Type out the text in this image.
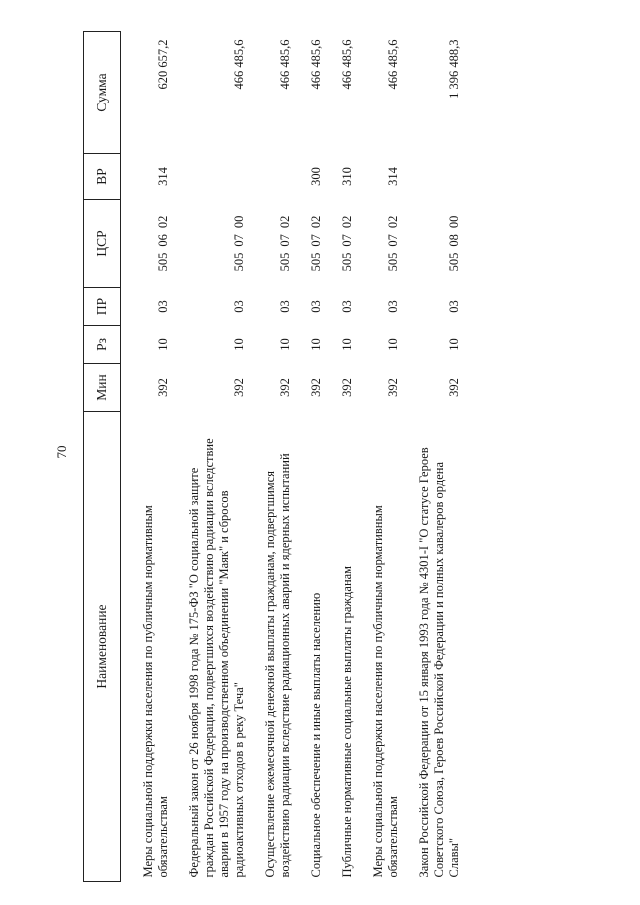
70
Наименование	Мин	Рз	ПР	ЦСР	ВР	Сумма
Меры социальной поддержки населения по публичным нормативным обязательствам	392	10	03	5050602	314	620 657,2
Федеральный закон от 26 ноября 1998 года № 175-ФЗ "О социальной защите граждан Российской Федерации, подвергшихся воздействию радиации вследствие аварии в 1957 году на производственном объединении "Маяк" и сбросов радиоактивных отходов в реку Теча"	392	10	03	5050700		466 485,6
Осуществление ежемесячной денежной выплаты гражданам, подвергшимся воздействию радиации вследствие радиационных аварий и ядерных испытаний	392	10	03	5050702		466 485,6
Социальное обеспечение и иные выплаты населению	392	10	03	5050702	300	466 485,6
Публичные нормативные социальные выплаты гражданам	392	10	03	5050702	310	466 485,6
Меры социальной поддержки населения по публичным нормативным обязательствам	392	10	03	5050702	314	466 485,6
Закон Российской Федерации от 15 января 1993 года № 4301-I "О статусе Героев Советского Союза, Героев Российской Федерации и полных кавалеров ордена Славы"	392	10	03	5050800		1 396 488,3
